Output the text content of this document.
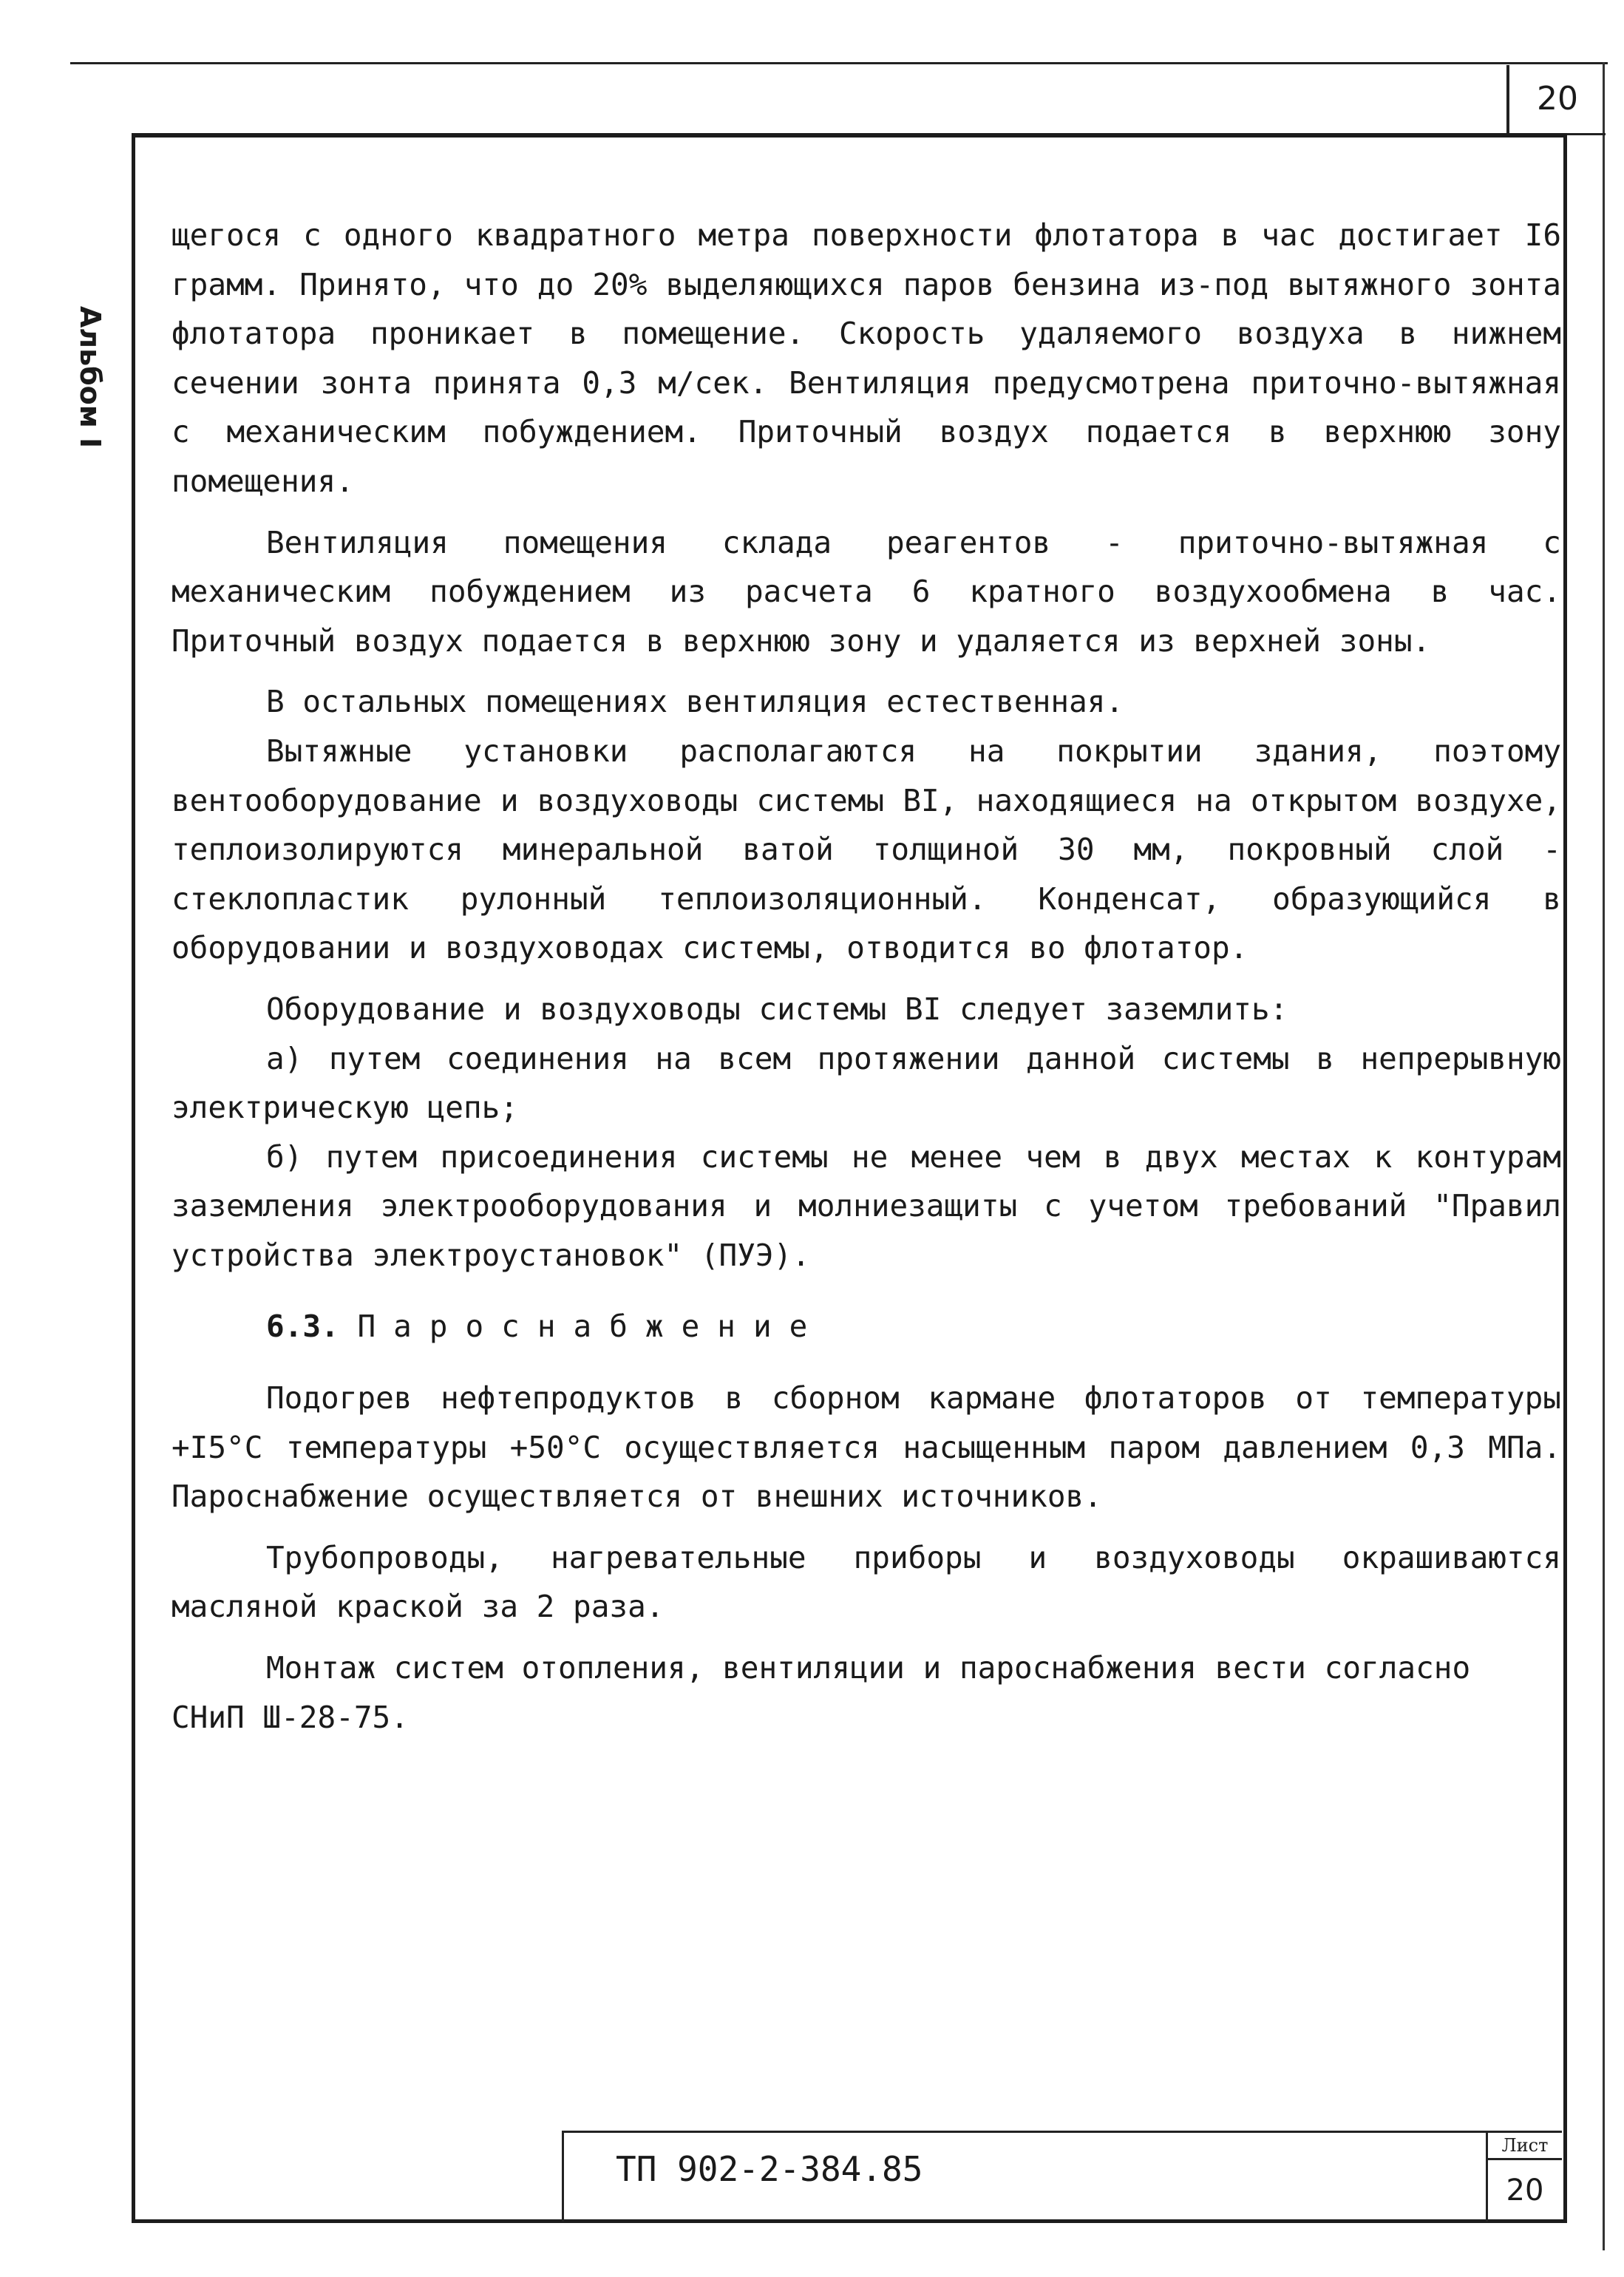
20
Альбом I

щегося с одного квадратного метра поверхности флотатора в час достигает I6 грамм. Принято, что до 20% выделяющихся паров бензина из-под вытяжного зонта флотатора проникает в помещение. Скорость удаляемого воздуха в нижнем сечении зонта принята 0,3 м/сек. Вентиляция предусмотрена приточно-вытяжная с механическим побуждением. Приточный воздух подается в верхнюю зону помещения.

Вентиляция помещения склада реагентов - приточно-вытяжная с механическим побуждением из расчета 6 кратного воздухообмена в час. Приточный воздух подается в верхнюю зону и удаляется из верхней зоны.

В остальных помещениях вентиляция естественная.

Вытяжные установки располагаются на покрытии здания, поэтому вентооборудование и воздуховоды системы ВI, находящиеся на открытом воздухе, теплоизолируются минеральной ватой толщиной 30 мм, покровный слой - стеклопластик рулонный теплоизоляционный. Конденсат, образующийся в оборудовании и воздуховодах системы, отводится во флотатор.

Оборудование и воздуховоды системы ВI следует заземлить:

а) путем соединения на всем протяжении данной системы в непрерывную электрическую цепь;

б) путем присоединения системы не менее чем в двух местах к контурам заземления электрооборудования и молниезащиты с учетом требований "Правил устройства электроустановок" (ПУЭ).

6.3. Пароснабжение

Подогрев нефтепродуктов в сборном кармане флотаторов от температуры +I5°С температуры +50°С осуществляется насыщенным паром давлением 0,3 МПа. Пароснабжение осуществляется от внешних источников.

Трубопроводы, нагревательные приборы и воздуховоды окрашиваются масляной краской за 2 раза.

Монтаж систем отопления, вентиляции и пароснабжения вести согласно СНиП Ш-28-75.

ТП 902-2-384.85
Лист
20
